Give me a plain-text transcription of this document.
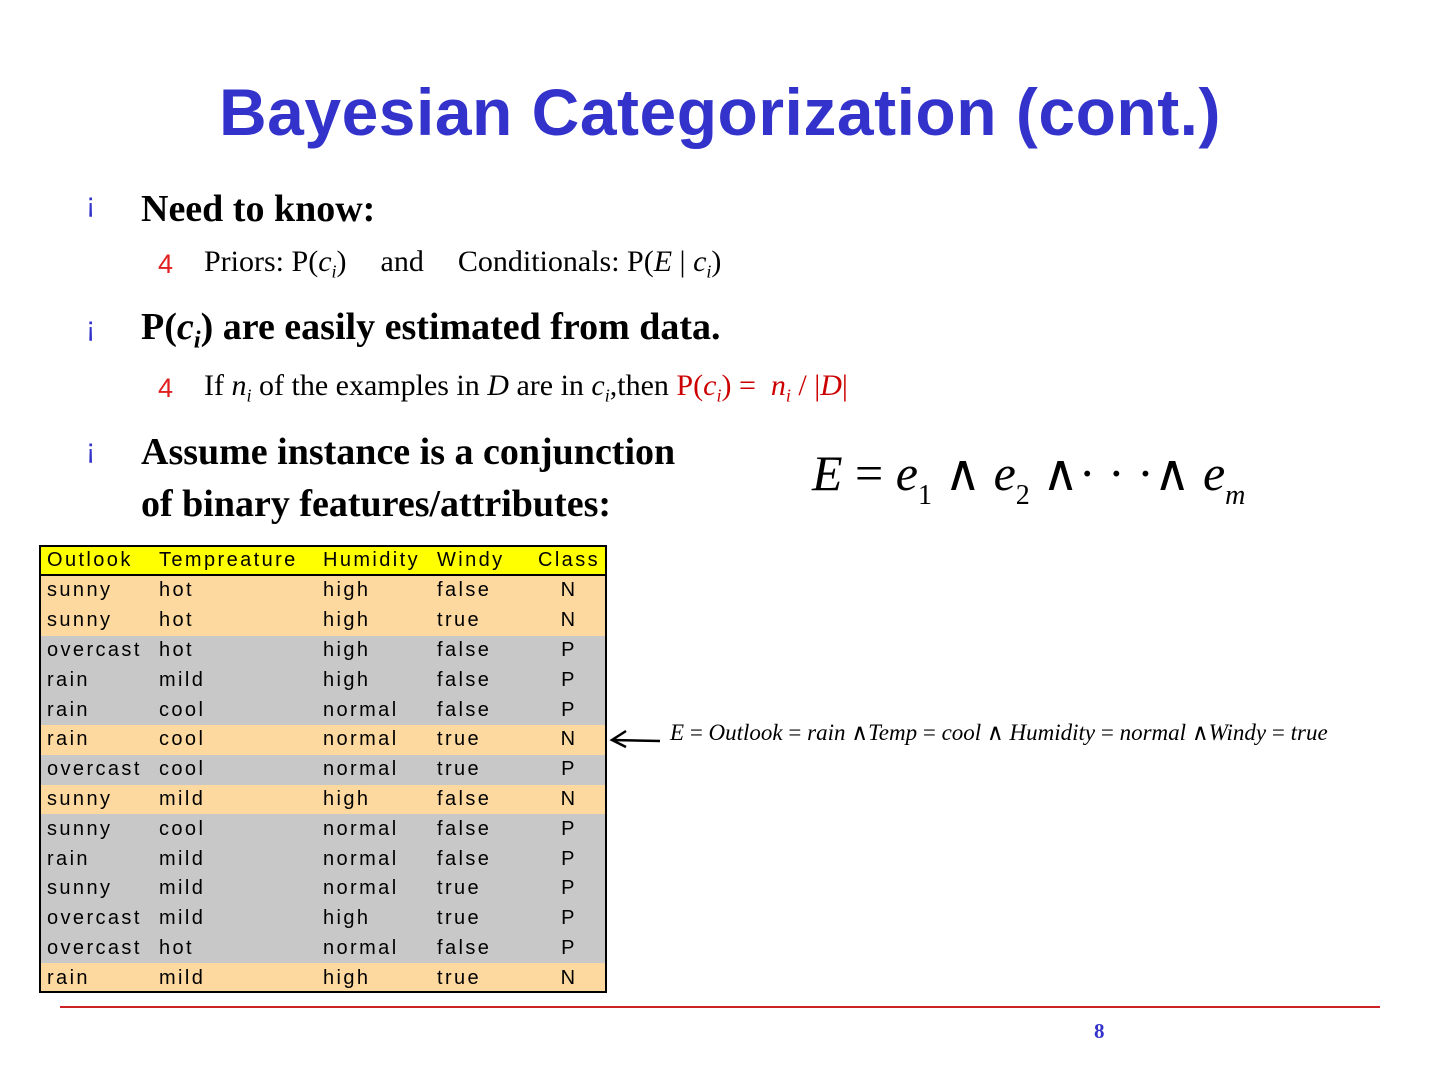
Bayesian Categorization (cont.)
¡ Need to know:
4 Priors: $P(c_i)$ and Conditionals: P(E | $c_i$)
¡ $P(c_i)$ are easily estimated from data.
4 If $n_i$ of the examples in D are in $c_i,then$ $P(c_i) = n_i / |D|$
¡ Assume instance is a conjunction
of binary features/attributes:
$E = e_1$ ∧ $e_2$ ∧· · ·∧ $e_m$
Outlook	Tempreature	Humidity	Windy	Class
sunny	hot	high	false	N
sunny	hot	high	true	N
overcast	hot	high	false	P
rain	mild	high	false	P
rain	cool	normal	false	P
rain	cool	normal	true	N
overcast	cool	normal	true	P
sunny	mild	high	false	N
sunny	cool	normal	false	P
rain	mild	normal	false	P
sunny	mild	normal	true	P
overcast	mild	high	true	P
overcast	hot	normal	false	P
rain	mild	high	true	N
E = Outlook = rain ∧Temp = cool ∧ Humidity = normal ∧Windy = true
8
